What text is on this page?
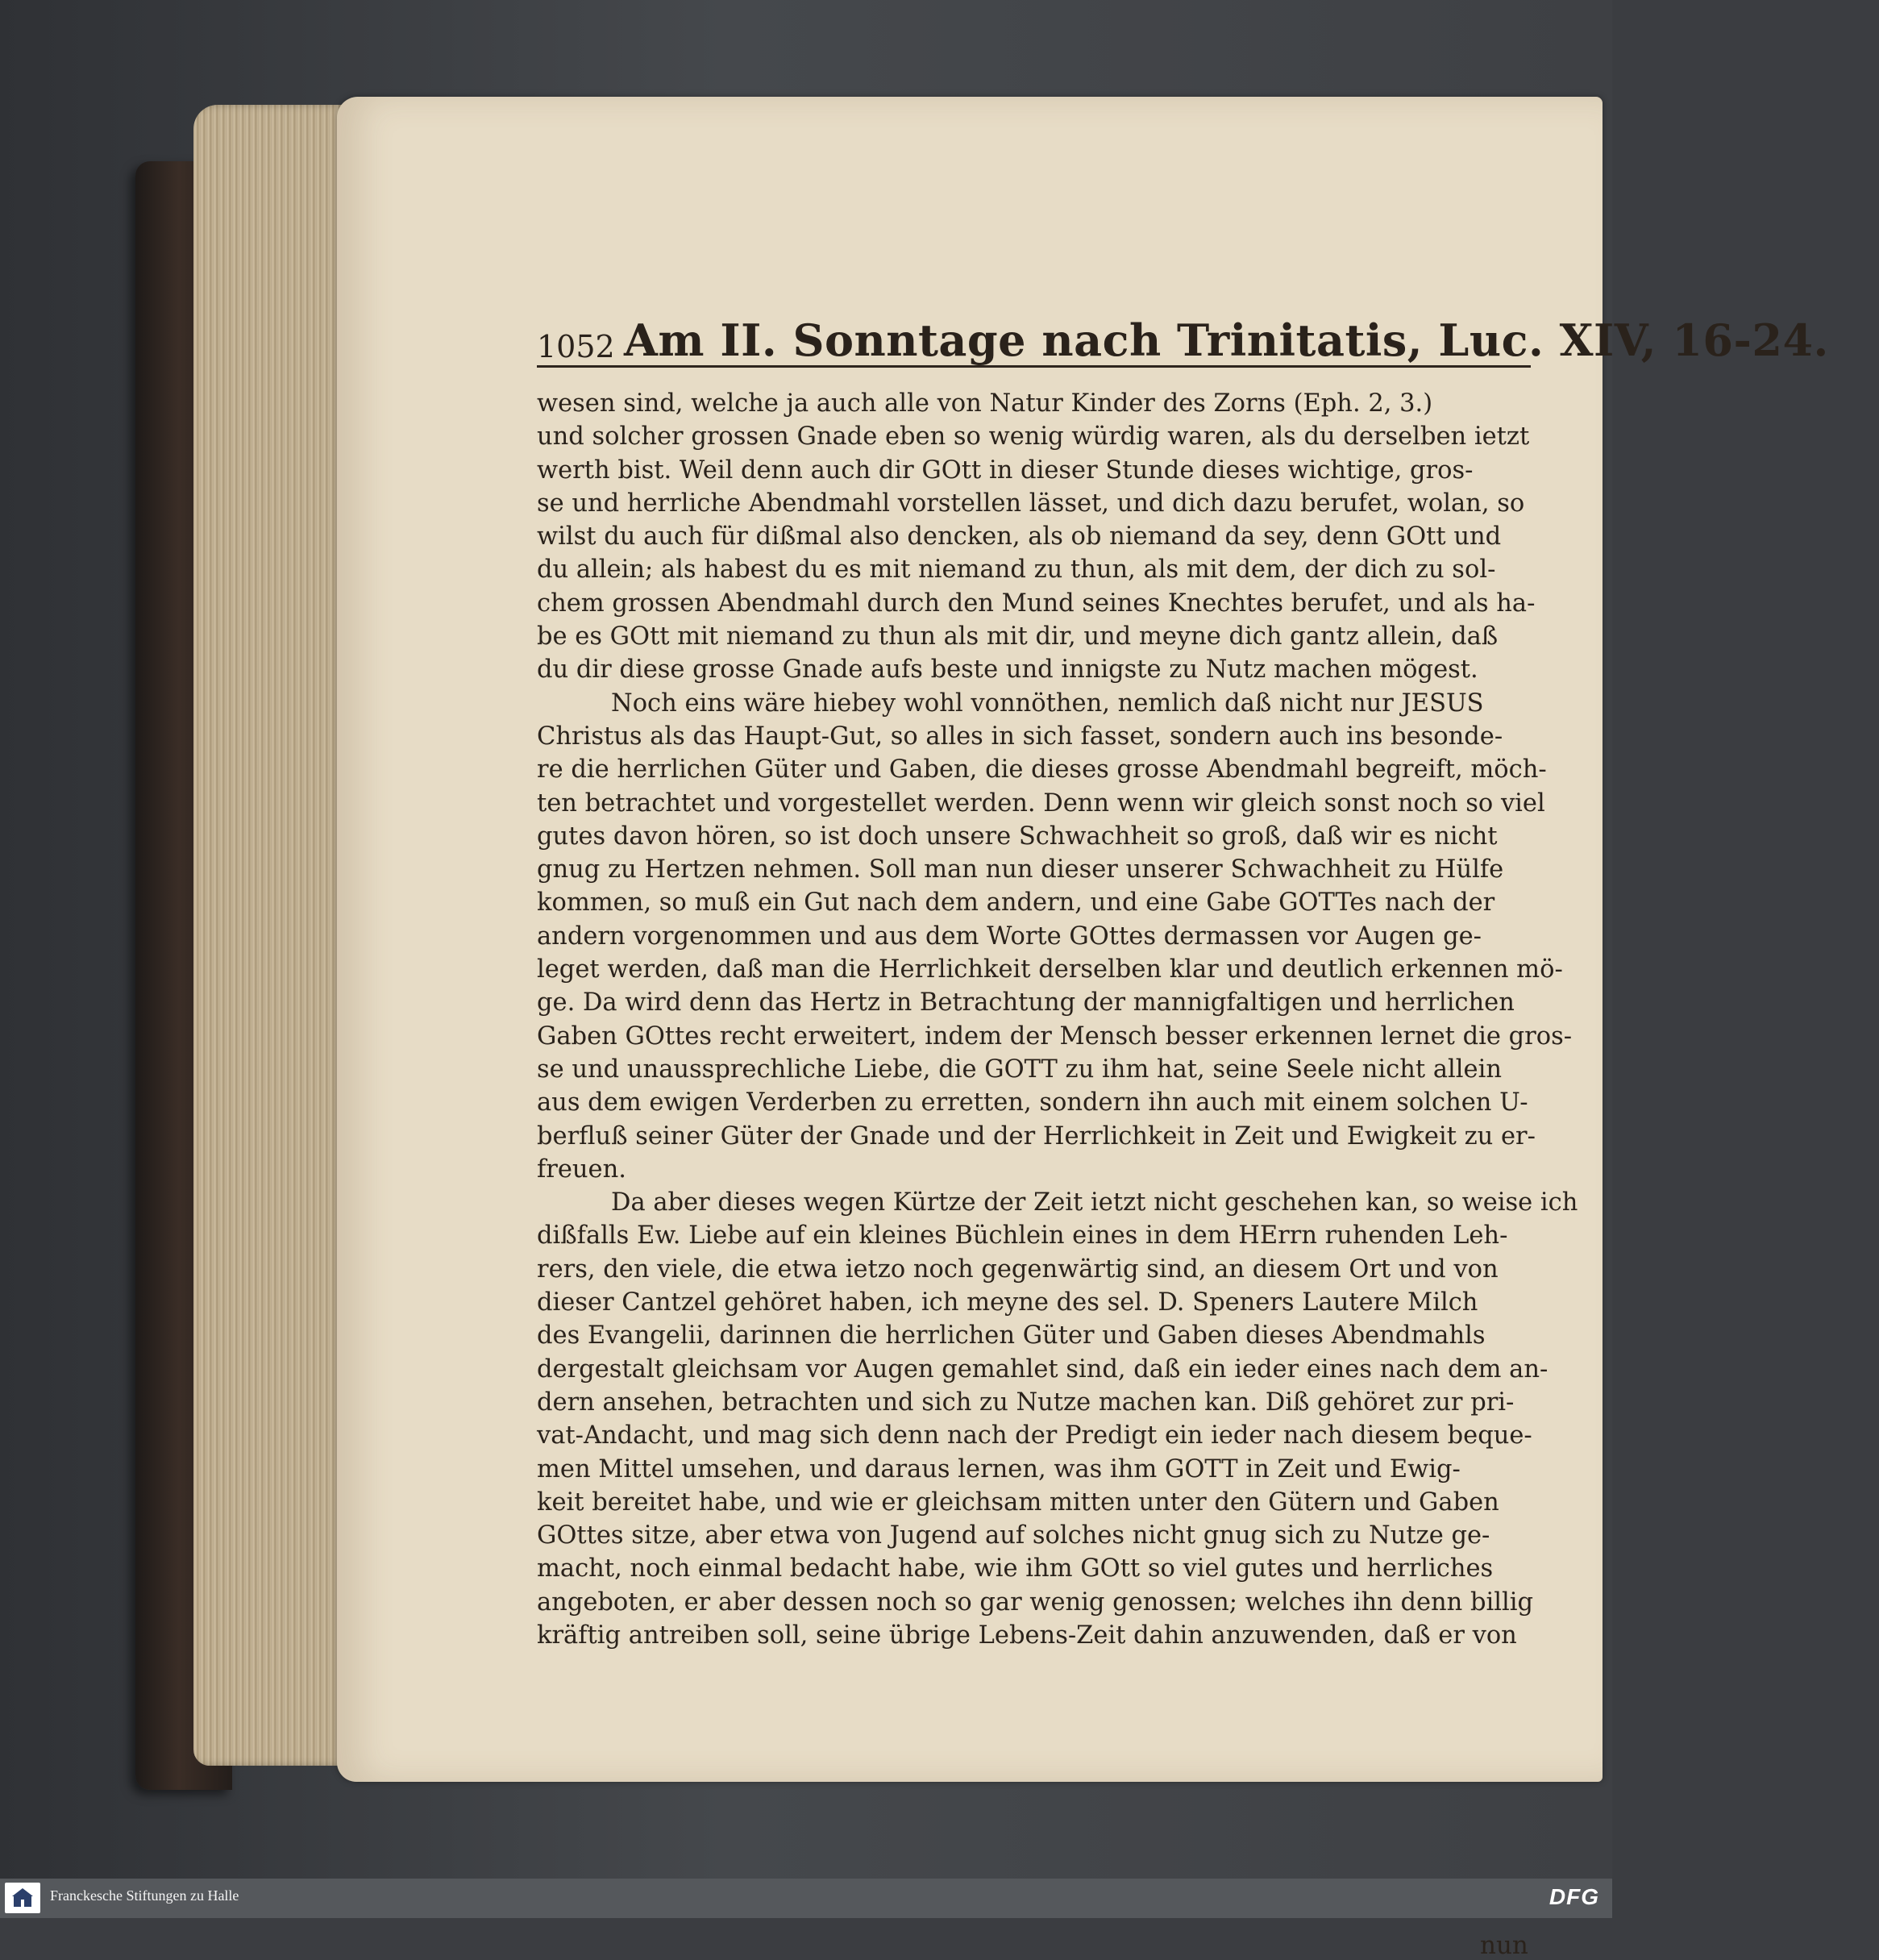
1052 Am II. Sonntage nach Trinitatis, Luc. XIV, 16-24.
wesen sind, welche ja auch alle von Natur Kinder des Zorns (Eph. 2, 3.)
und solcher grossen Gnade eben so wenig würdig waren, als du derselben ietzt
werth bist. Weil denn auch dir GOtt in dieser Stunde dieses wichtige, gros-
se und herrliche Abendmahl vorstellen lässet, und dich dazu berufet, wolan, so
wilst du auch für dißmal also dencken, als ob niemand da sey, denn GOtt und
du allein; als habest du es mit niemand zu thun, als mit dem, der dich zu sol-
chem grossen Abendmahl durch den Mund seines Knechtes berufet, und als ha-
be es GOtt mit niemand zu thun als mit dir, und meyne dich gantz allein, daß
du dir diese grosse Gnade aufs beste und innigste zu Nutz machen mögest.
Noch eins wäre hiebey wohl vonnöthen, nemlich daß nicht nur JESUS
Christus als das Haupt-Gut, so alles in sich fasset, sondern auch ins besonde-
re die herrlichen Güter und Gaben, die dieses grosse Abendmahl begreift, möch-
ten betrachtet und vorgestellet werden. Denn wenn wir gleich sonst noch so viel
gutes davon hören, so ist doch unsere Schwachheit so groß, daß wir es nicht
gnug zu Hertzen nehmen. Soll man nun dieser unserer Schwachheit zu Hülfe
kommen, so muß ein Gut nach dem andern, und eine Gabe GOTTes nach der
andern vorgenommen und aus dem Worte GOttes dermassen vor Augen ge-
leget werden, daß man die Herrlichkeit derselben klar und deutlich erkennen mö-
ge. Da wird denn das Hertz in Betrachtung der mannigfaltigen und herrlichen
Gaben GOttes recht erweitert, indem der Mensch besser erkennen lernet die gros-
se und unaussprechliche Liebe, die GOTT zu ihm hat, seine Seele nicht allein
aus dem ewigen Verderben zu erretten, sondern ihn auch mit einem solchen U-
berfluß seiner Güter der Gnade und der Herrlichkeit in Zeit und Ewigkeit zu er-
freuen.
Da aber dieses wegen Kürtze der Zeit ietzt nicht geschehen kan, so weise ich
dißfalls Ew. Liebe auf ein kleines Büchlein eines in dem HErrn ruhenden Leh-
rers, den viele, die etwa ietzo noch gegenwärtig sind, an diesem Ort und von
dieser Cantzel gehöret haben, ich meyne des sel. D. Speners Lautere Milch
des Evangelii, darinnen die herrlichen Güter und Gaben dieses Abendmahls
dergestalt gleichsam vor Augen gemahlet sind, daß ein ieder eines nach dem an-
dern ansehen, betrachten und sich zu Nutze machen kan. Diß gehöret zur pri-
vat-Andacht, und mag sich denn nach der Predigt ein ieder nach diesem beque-
men Mittel umsehen, und daraus lernen, was ihm GOTT in Zeit und Ewig-
keit bereitet habe, und wie er gleichsam mitten unter den Gütern und Gaben
GOttes sitze, aber etwa von Jugend auf solches nicht gnug sich zu Nutze ge-
macht, noch einmal bedacht habe, wie ihm GOtt so viel gutes und herrliches
angeboten, er aber dessen noch so gar wenig genossen; welches ihn denn billig
kräftig antreiben soll, seine übrige Lebens-Zeit dahin anzuwenden, daß er von
nun
Franckesche Stiftungen zu Halle	DFG
